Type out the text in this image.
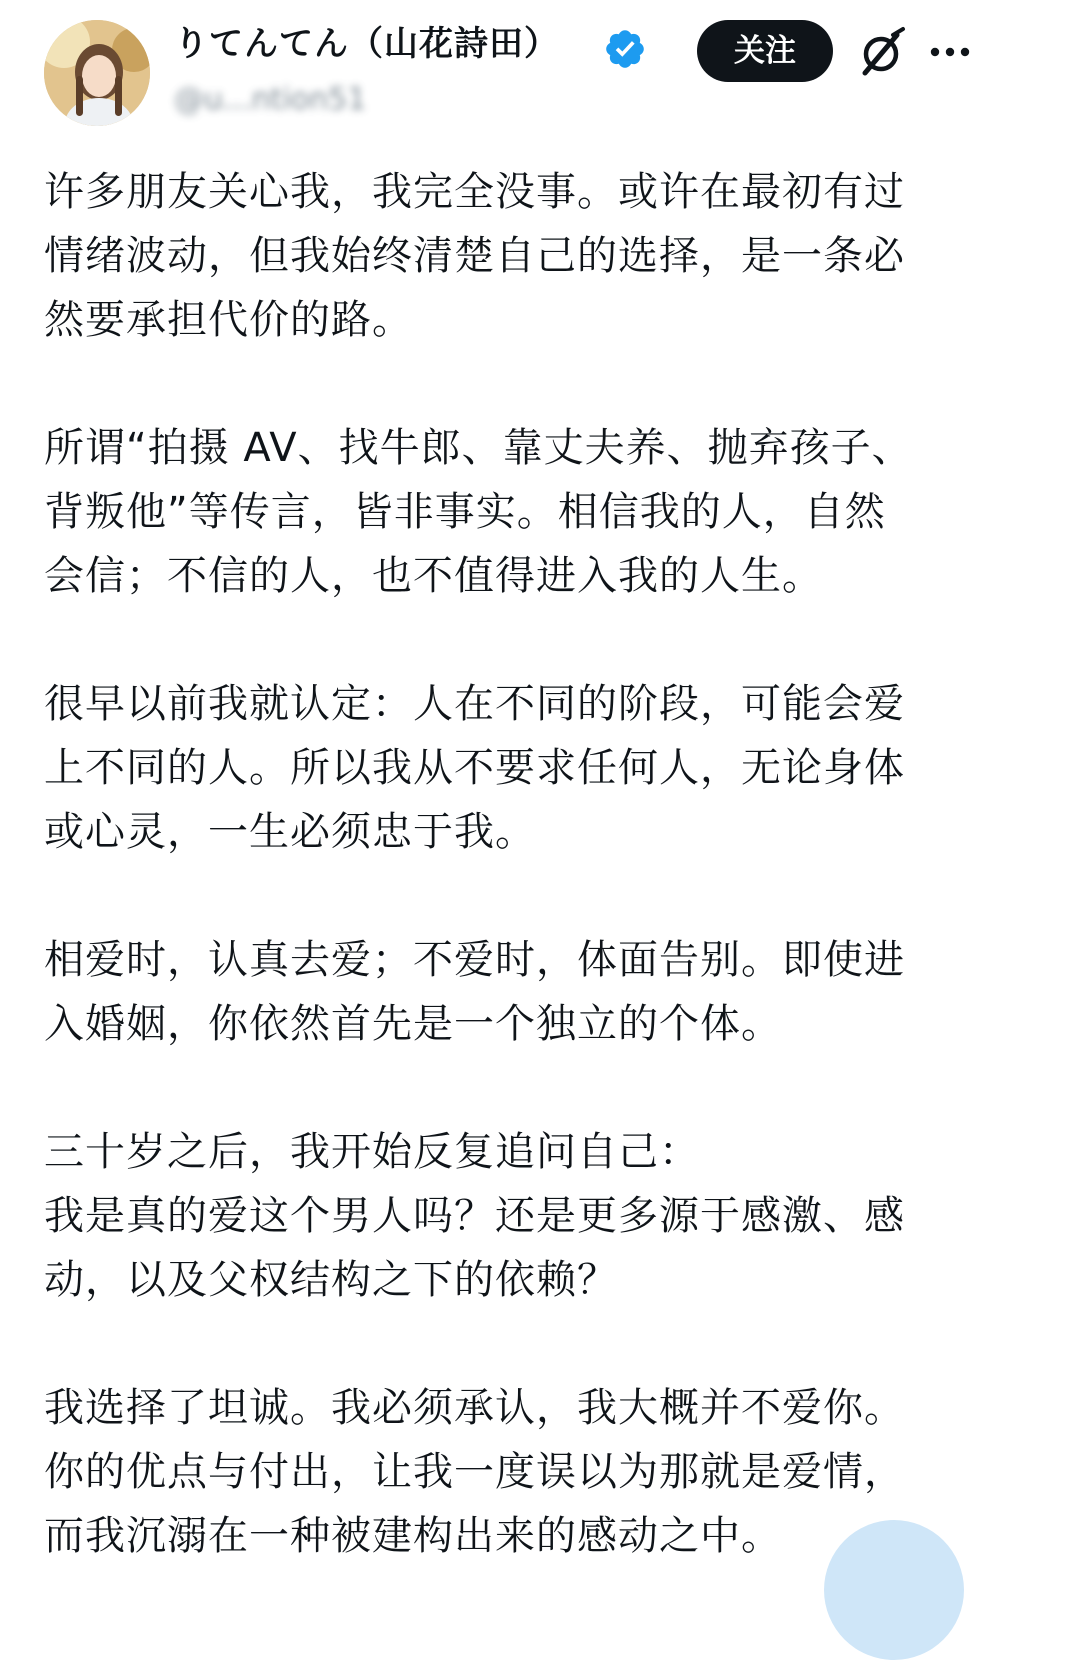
りてんてん（山花詩田）
@u...ntion51
关注
许多朋友关心我，我完全没事。或许在最初有过
情绪波动，但我始终清楚自己的选择，是一条必
然要承担代价的路。
所谓“拍摄 AV、找牛郎、靠丈夫养、抛弃孩子、
背叛他”等传言，皆非事实。相信我的人，自然
会信；不信的人，也不值得进入我的人生。
很早以前我就认定：人在不同的阶段，可能会爱
上不同的人。所以我从不要求任何人，无论身体
或心灵，一生必须忠于我。
相爱时，认真去爱；不爱时，体面告别。即使进
入婚姻，你依然首先是一个独立的个体。
三十岁之后，我开始反复追问自己：
我是真的爱这个男人吗？还是更多源于感激、感
动，以及父权结构之下的依赖？
我选择了坦诚。我必须承认，我大概并不爱你。
你的优点与付出，让我一度误以为那就是爱情，
而我沉溺在一种被建构出来的感动之中。
